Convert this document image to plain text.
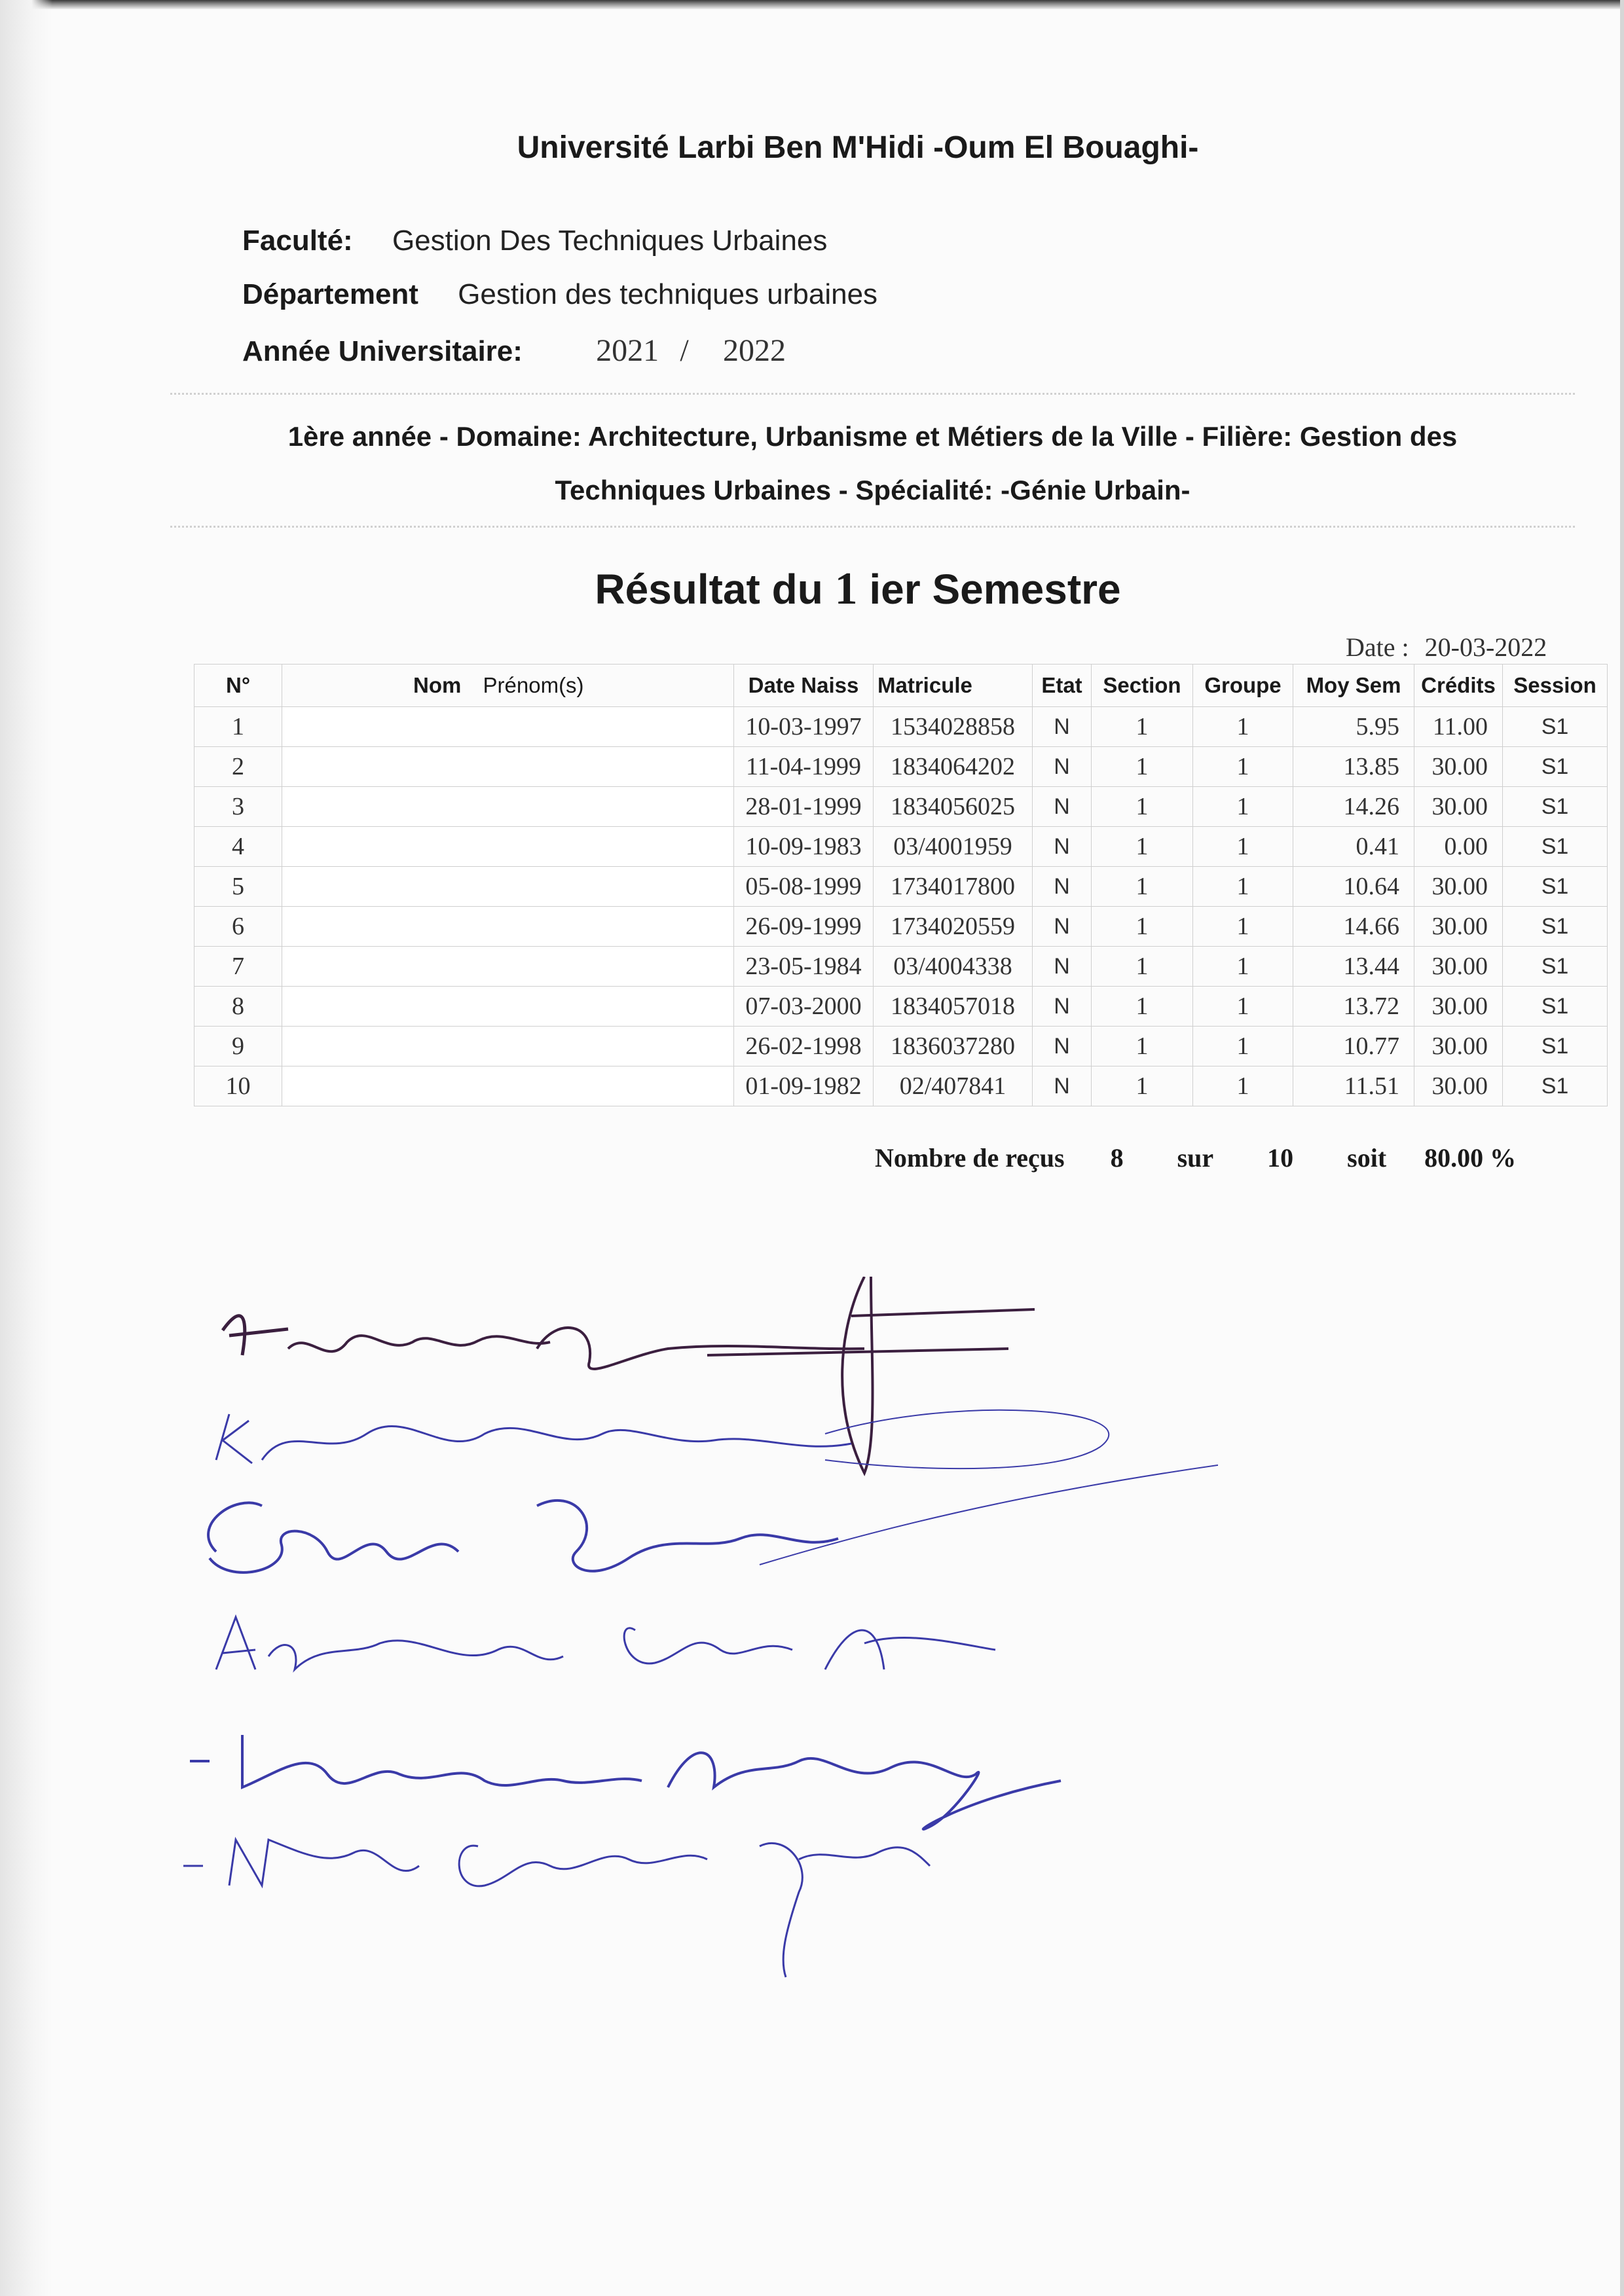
Université Larbi Ben M'Hidi -Oum El Bouaghi-
Faculté: Gestion Des Techniques Urbaines
Département Gestion des techniques urbaines
Année Universitaire: 2021 / 2022
1ère année - Domaine: Architecture, Urbanisme et Métiers de la Ville - Filière: Gestion des
Techniques Urbaines - Spécialité: -Génie Urbain-
Résultat du 1 ier Semestre
Date : 20-03-2022
N°	Nom Prénom(s)	Date Naiss	Matricule	Etat	Section	Groupe	Moy Sem	Crédits	Session
1		10-03-1997	1534028858	N	1	1	5.95	11.00	S1
2		11-04-1999	1834064202	N	1	1	13.85	30.00	S1
3		28-01-1999	1834056025	N	1	1	14.26	30.00	S1
4		10-09-1983	03/4001959	N	1	1	0.41	0.00	S1
5		05-08-1999	1734017800	N	1	1	10.64	30.00	S1
6		26-09-1999	1734020559	N	1	1	14.66	30.00	S1
7		23-05-1984	03/4004338	N	1	1	13.44	30.00	S1
8		07-03-2000	1834057018	N	1	1	13.72	30.00	S1
9		26-02-1998	1836037280	N	1	1	10.77	30.00	S1
10		01-09-1982	02/407841	N	1	1	11.51	30.00	S1
Nombre de reçus 8 sur 10 soit 80.00 %
